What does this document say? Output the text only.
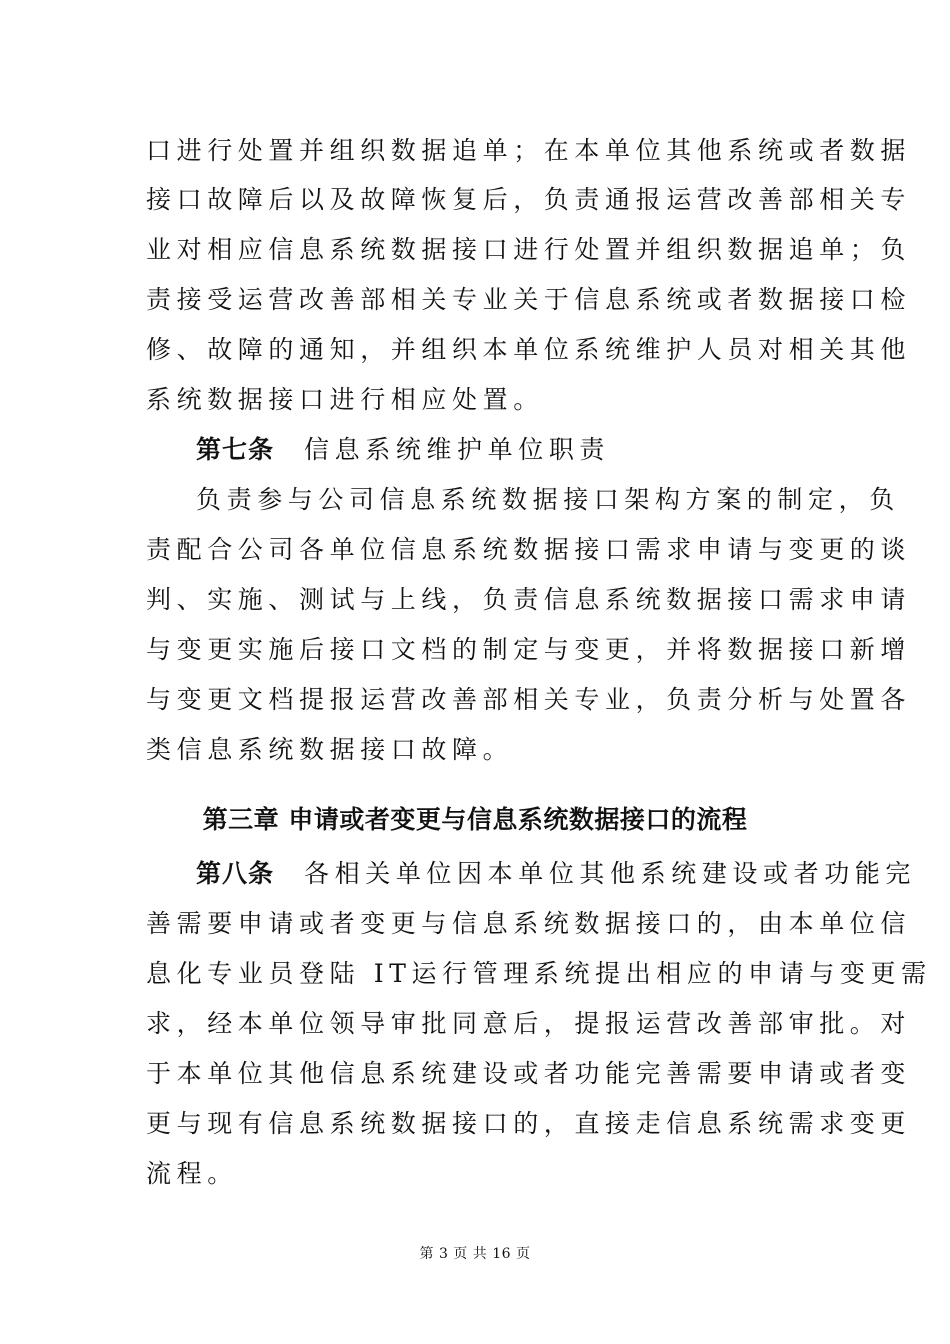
口进行处置并组织数据追单；在本单位其他系统或者数据
接口故障后以及故障恢复后，负责通报运营改善部相关专
业对相应信息系统数据接口进行处置并组织数据追单；负
责接受运营改善部相关专业关于信息系统或者数据接口检
修、故障的通知，并组织本单位系统维护人员对相关其他
系统数据接口进行相应处置。
第七条 信息系统维护单位职责
负责参与公司信息系统数据接口架构方案的制定，负
责配合公司各单位信息系统数据接口需求申请与变更的谈
判、实施、测试与上线，负责信息系统数据接口需求申请
与变更实施后接口文档的制定与变更，并将数据接口新增
与变更文档提报运营改善部相关专业，负责分析与处置各
类信息系统数据接口故障。
第三章 申请或者变更与信息系统数据接口的流程
第八条 各相关单位因本单位其他系统建设或者功能完
善需要申请或者变更与信息系统数据接口的，由本单位信
息化专业员登陆 IT运行管理系统提出相应的申请与变更需
求，经本单位领导审批同意后，提报运营改善部审批。对
于本单位其他信息系统建设或者功能完善需要申请或者变
更与现有信息系统数据接口的，直接走信息系统需求变更
流程。
第 3 页 共 16 页
